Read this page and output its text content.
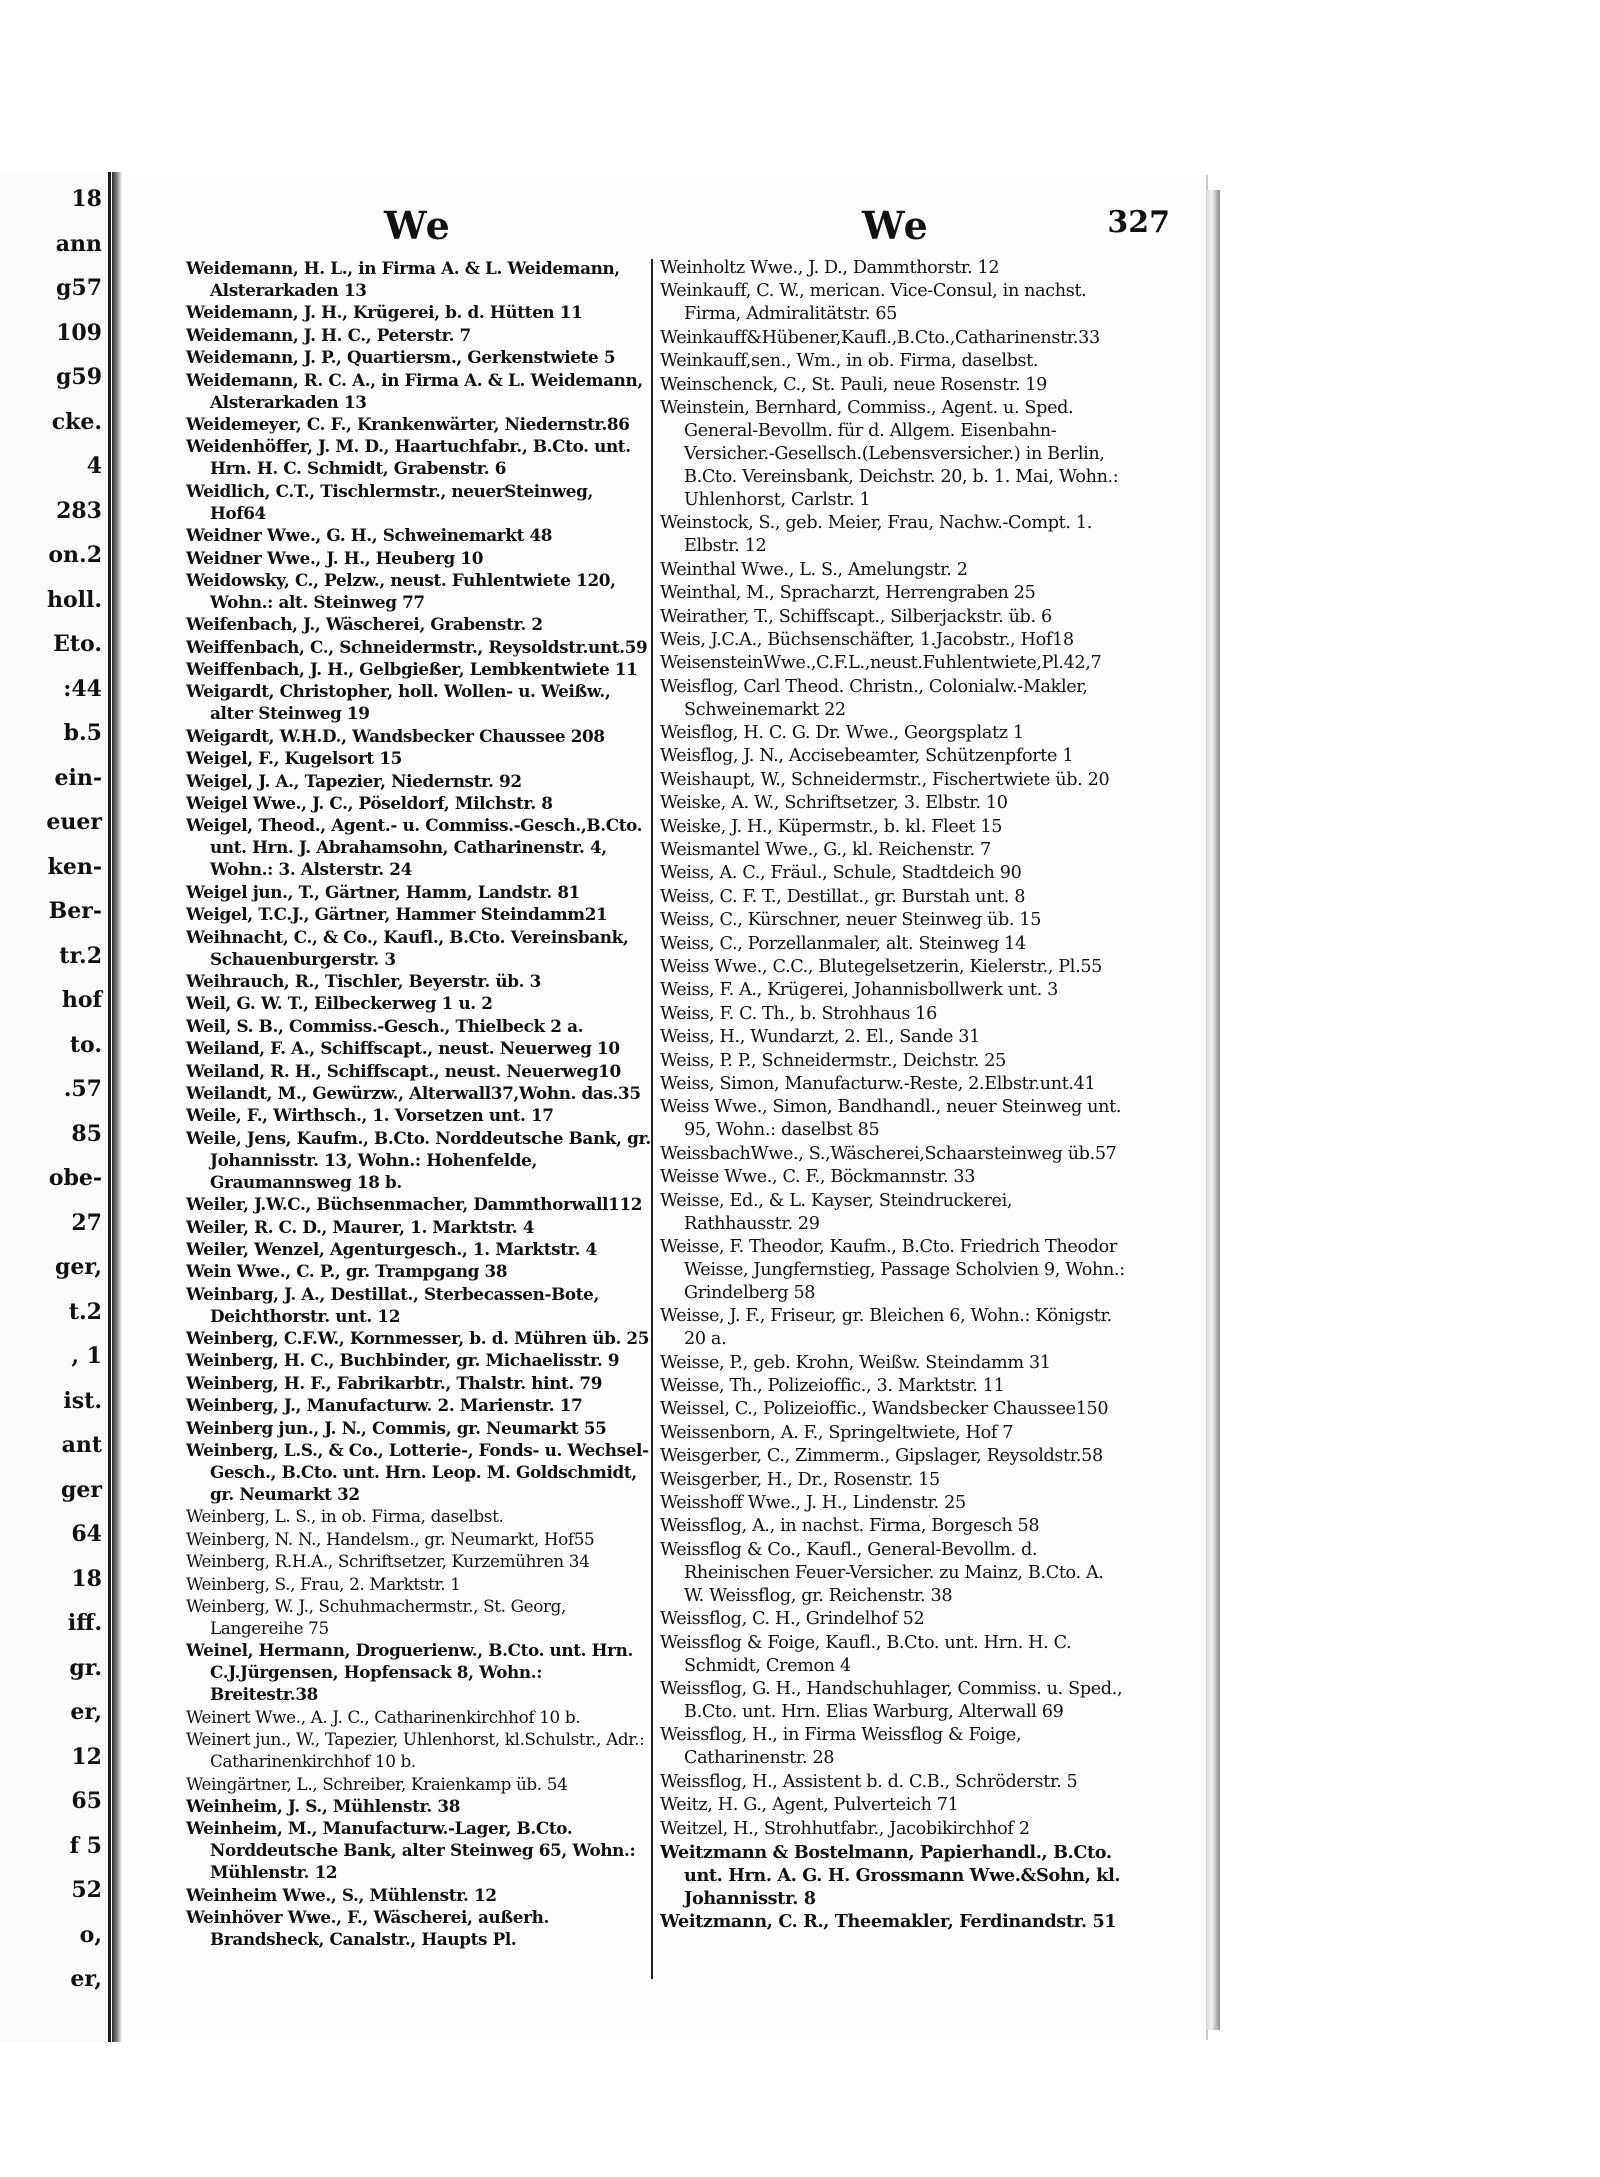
18
ann
g57
109
g59
cke.
4
283
on.2
holl.
Eto.
:44
b.5
ein-
euer
ken-
Ber-
tr.2
hof
to.
.57
85
obe-
27
ger,
t.2
, 1
ist.
ant
ger
64
18
iff.
gr.
er,
12
65
f 5
52
o,
er,
We	We	327
Weidemann, H. L., in Firma A. & L. Weidemann, Alsterarkaden 13
Weidemann, J. H., Krügerei, b. d. Hütten 11
Weidemann, J. H. C., Peterstr. 7
Weidemann, J. P., Quartiersm., Gerkenstwiete 5
Weidemann, R. C. A., in Firma A. & L. Weidemann, Alsterarkaden 13
Weidemeyer, C. F., Krankenwärter, Niedernstr.86
Weidenhöffer, J. M. D., Haartuchfabr., B.Cto. unt. Hrn. H. C. Schmidt, Grabenstr. 6
Weidlich, C.T., Tischlermstr., neuerSteinweg, Hof64
Weidner Wwe., G. H., Schweinemarkt 48
Weidner Wwe., J. H., Heuberg 10
Weidowsky, C., Pelzw., neust. Fuhlentwiete 120, Wohn.: alt. Steinweg 77
Weifenbach, J., Wäscherei, Grabenstr. 2
Weiffenbach, C., Schneidermstr., Reysoldstr.unt.59
Weiffenbach, J. H., Gelbgießer, Lembkentwiete 11
Weigardt, Christopher, holl. Wollen- u. Weißw., alter Steinweg 19
Weigardt, W.H.D., Wandsbecker Chaussee 208
Weigel, F., Kugelsort 15
Weigel, J. A., Tapezier, Niedernstr. 92
Weigel Wwe., J. C., Pöseldorf, Milchstr. 8
Weigel, Theod., Agent.- u. Commiss.-Gesch.,B.Cto. unt. Hrn. J. Abrahamsohn, Catharinenstr. 4, Wohn.: 3. Alsterstr. 24
Weigel jun., T., Gärtner, Hamm, Landstr. 81
Weigel, T.C.J., Gärtner, Hammer Steindamm21
Weihnacht, C., & Co., Kaufl., B.Cto. Vereinsbank, Schauenburgerstr. 3
Weihrauch, R., Tischler, Beyerstr. üb. 3
Weil, G. W. T., Eilbeckerweg 1 u. 2
Weil, S. B., Commiss.-Gesch., Thielbeck 2 a.
Weiland, F. A., Schiffscapt., neust. Neuerweg 10
Weiland, R. H., Schiffscapt., neust. Neuerweg10
Weilandt, M., Gewürzw., Alterwall37,Wohn. das.35
Weile, F., Wirthsch., 1. Vorsetzen unt. 17
Weile, Jens, Kaufm., B.Cto. Norddeutsche Bank, gr. Johannisstr. 13, Wohn.: Hohenfelde, Graumannsweg 18 b.
Weiler, J.W.C., Büchsenmacher, Dammthorwall112
Weiler, R. C. D., Maurer, 1. Marktstr. 4
Weiler, Wenzel, Agenturgesch., 1. Marktstr. 4
Wein Wwe., C. P., gr. Trampgang 38
Weinbarg, J. A., Destillat., Sterbecassen-Bote, Deichthorstr. unt. 12
Weinberg, C.F.W., Kornmesser, b. d. Mühren üb. 25
Weinberg, H. C., Buchbinder, gr. Michaelisstr. 9
Weinberg, H. F., Fabrikarbtr., Thalstr. hint. 79
Weinberg, J., Manufacturw. 2. Marienstr. 17
Weinberg jun., J. N., Commis, gr. Neumarkt 55
Weinberg, L.S., & Co., Lotterie-, Fonds- u. Wechsel-Gesch., B.Cto. unt. Hrn. Leop. M. Goldschmidt, gr. Neumarkt 32
Weinberg, L. S., in ob. Firma, daselbst.
Weinberg, N. N., Handelsm., gr. Neumarkt, Hof55
Weinberg, R.H.A., Schriftsetzer, Kurzemühren 34
Weinberg, S., Frau, 2. Marktstr. 1
Weinberg, W. J., Schuhmachermstr., St. Georg, Langereihe 75
Weinel, Hermann, Droguerienw., B.Cto. unt. Hrn. C.J.Jürgensen, Hopfensack 8, Wohn.: Breitestr.38
Weinert Wwe., A. J. C., Catharinenkirchhof 10 b.
Weinert jun., W., Tapezier, Uhlenhorst, kl.Schulstr., Adr.: Catharinenkirchhof 10 b.
Weingärtner, L., Schreiber, Kraienkamp üb. 54
Weinheim, J. S., Mühlenstr. 38
Weinheim, M., Manufacturw.-Lager, B.Cto. Norddeutsche Bank, alter Steinweg 65, Wohn.: Mühlenstr. 12
Weinheim Wwe., S., Mühlenstr. 12
Weinhöver Wwe., F., Wäscherei, außerh. Brandsheck, Canalstr., Haupts Pl.
Weinholtz Wwe., J. D., Dammthorstr. 12
Weinkauff, C. W., merican. Vice-Consul, in nachst. Firma, Admiralitätstr. 65
Weinkauff&Hübener,Kaufl.,B.Cto.,Catharinenstr.33
Weinkauff,sen., Wm., in ob. Firma, daselbst.
Weinschenck, C., St. Pauli, neue Rosenstr. 19
Weinstein, Bernhard, Commiss., Agent. u. Sped. General-Bevollm. für d. Allgem. Eisenbahn-Versicher.-Gesellsch.(Lebensversicher.) in Berlin, B.Cto. Vereinsbank, Deichstr. 20, b. 1. Mai, Wohn.: Uhlenhorst, Carlstr. 1
Weinstock, S., geb. Meier, Frau, Nachw.-Compt. 1. Elbstr. 12
Weinthal Wwe., L. S., Amelungstr. 2
Weinthal, M., Spracharzt, Herrengraben 25
Weirather, T., Schiffscapt., Silberjackstr. üb. 6
Weis, J.C.A., Büchsenschäfter, 1.Jacobstr., Hof18
WeisensteinWwe.,C.F.L.,neust.Fuhlentwiete,Pl.42,7
Weisflog, Carl Theod. Christn., Colonialw.-Makler, Schweinemarkt 22
Weisflog, H. C. G. Dr. Wwe., Georgsplatz 1
Weisflog, J. N., Accisebeamter, Schützenpforte 1
Weishaupt, W., Schneidermstr., Fischertwiete üb. 20
Weiske, A. W., Schriftsetzer, 3. Elbstr. 10
Weiske, J. H., Küpermstr., b. kl. Fleet 15
Weismantel Wwe., G., kl. Reichenstr. 7
Weiss, A. C., Fräul., Schule, Stadtdeich 90
Weiss, C. F. T., Destillat., gr. Burstah unt. 8
Weiss, C., Kürschner, neuer Steinweg üb. 15
Weiss, C., Porzellanmaler, alt. Steinweg 14
Weiss Wwe., C.C., Blutegelsetzerin, Kielerstr., Pl.55
Weiss, F. A., Krügerei, Johannisbollwerk unt. 3
Weiss, F. C. Th., b. Strohhaus 16
Weiss, H., Wundarzt, 2. El., Sande 31
Weiss, P. P., Schneidermstr., Deichstr. 25
Weiss, Simon, Manufacturw.-Reste, 2.Elbstr.unt.41
Weiss Wwe., Simon, Bandhandl., neuer Steinweg unt. 95, Wohn.: daselbst 85
WeissbachWwe., S.,Wäscherei,Schaarsteinweg üb.57
Weisse Wwe., C. F., Böckmannstr. 33
Weisse, Ed., & L. Kayser, Steindruckerei, Rathhausstr. 29
Weisse, F. Theodor, Kaufm., B.Cto. Friedrich Theodor Weisse, Jungfernstieg, Passage Scholvien 9, Wohn.: Grindelberg 58
Weisse, J. F., Friseur, gr. Bleichen 6, Wohn.: Königstr. 20 a.
Weisse, P., geb. Krohn, Weißw. Steindamm 31
Weisse, Th., Polizeioffic., 3. Marktstr. 11
Weissel, C., Polizeioffic., Wandsbecker Chaussee150
Weissenborn, A. F., Springeltwiete, Hof 7
Weisgerber, C., Zimmerm., Gipslager, Reysoldstr.58
Weisgerber, H., Dr., Rosenstr. 15
Weisshoff Wwe., J. H., Lindenstr. 25
Weissflog, A., in nachst. Firma, Borgesch 58
Weissflog & Co., Kaufl., General-Bevollm. d. Rheinischen Feuer-Versicher. zu Mainz, B.Cto. A. W. Weissflog, gr. Reichenstr. 38
Weissflog, C. H., Grindelhof 52
Weissflog & Foige, Kaufl., B.Cto. unt. Hrn. H. C. Schmidt, Cremon 4
Weissflog, G. H., Handschuhlager, Commiss. u. Sped., B.Cto. unt. Hrn. Elias Warburg, Alterwall 69
Weissflog, H., in Firma Weissflog & Foige, Catharinenstr. 28
Weissflog, H., Assistent b. d. C.B., Schröderstr. 5
Weitz, H. G., Agent, Pulverteich 71
Weitzel, H., Strohhutfabr., Jacobikirchhof 2
Weitzmann & Bostelmann, Papierhandl., B.Cto. unt. Hrn. A. G. H. Grossmann Wwe.&Sohn, kl. Johannisstr. 8
Weitzmann, C. R., Theemakler, Ferdinandstr. 51
